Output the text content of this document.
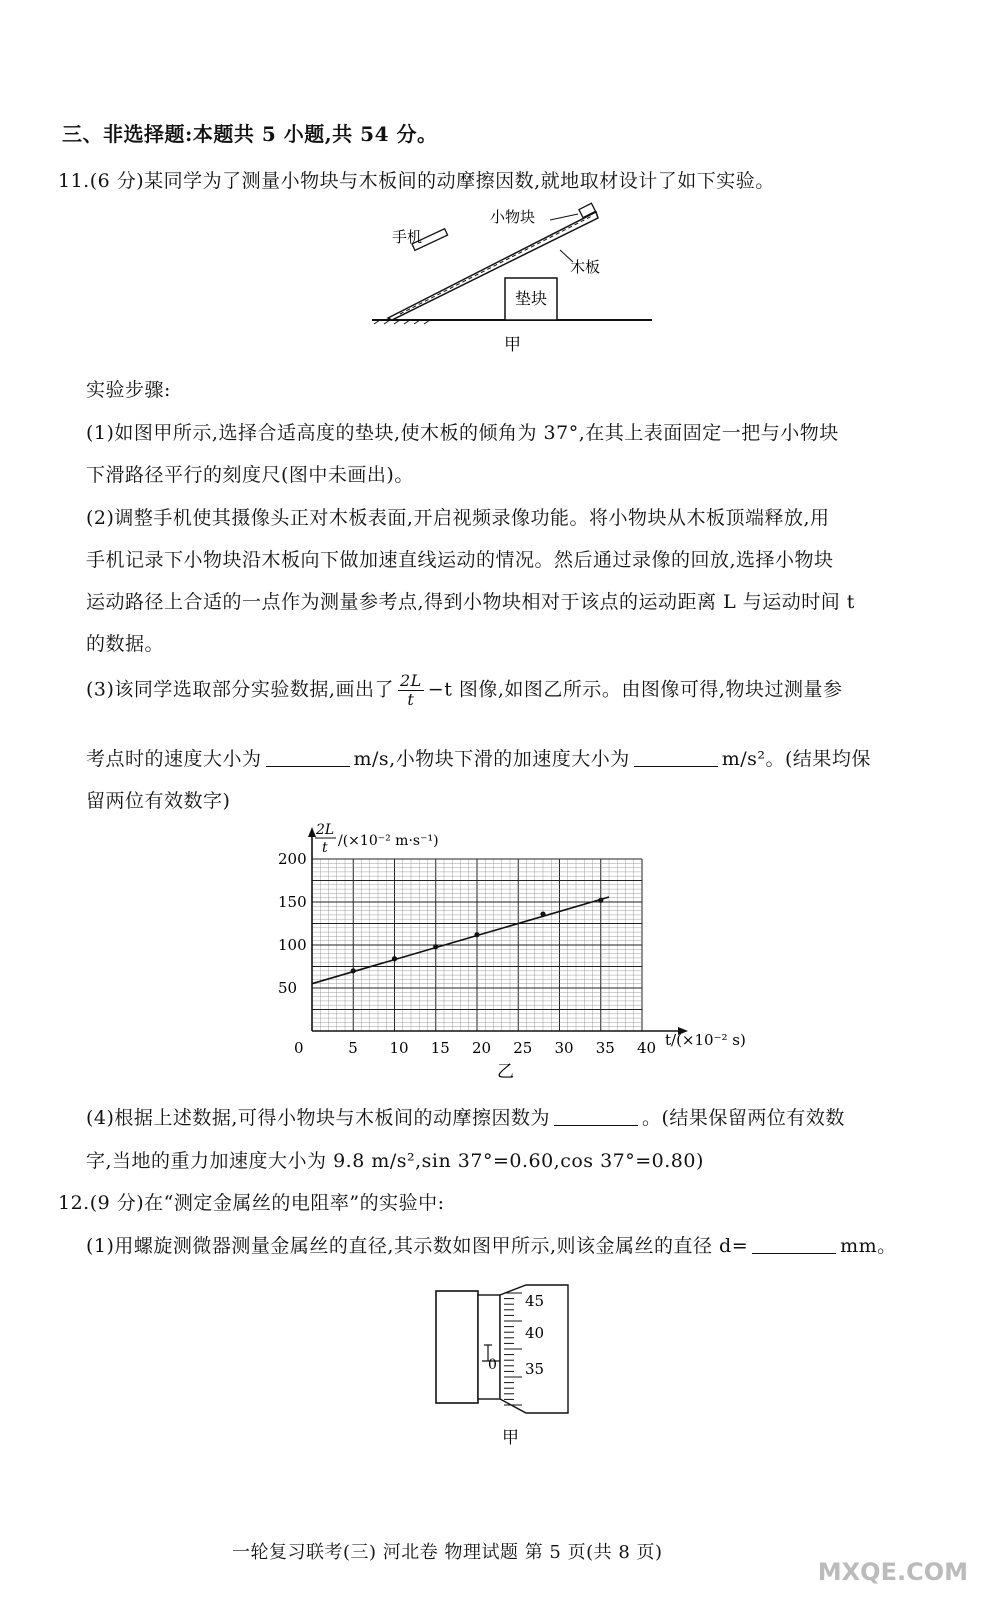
三、非选择题:本题共 5 小题,共 54 分。
11.(6 分)某同学为了测量小物块与木板间的动摩擦因数,就地取材设计了如下实验。
手机
小物块
木板
垫块
甲
实验步骤:
(1)如图甲所示,选择合适高度的垫块,使木板的倾角为 37°,在其上表面固定一把与小物块
下滑路径平行的刻度尺(图中未画出)。
(2)调整手机使其摄像头正对木板表面,开启视频录像功能。将小物块从木板顶端释放,用
手机记录下小物块沿木板向下做加速直线运动的情况。然后通过录像的回放,选择小物块
运动路径上合适的一点作为测量参考点,得到小物块相对于该点的运动距离 L 与运动时间 t
的数据。
(3)该同学选取部分实验数据,画出了 $\frac{2L}{t} -t$ 图像,如图乙所示。由图像可得,物块过测量参
考点时的速度大小为	m/s,小物块下滑的加速度大小为	m/s²。(结果均保
留两位有效数字)
5 10 15 20 25 30 35 40
50
100
150
200
0
2L
t /(×10⁻² m·s⁻¹)
t/(×10⁻² s)
乙
(4)根据上述数据,可得小物块与木板间的动摩擦因数为	。(结果保留两位有效数
字,当地的重力加速度大小为 9.8 m/s²,sin 37°=0.60,cos 37°=0.80)
12.(9 分)在“测定金属丝的电阻率”的实验中:
(1)用螺旋测微器测量金属丝的直径,其示数如图甲所示,则该金属丝的直径 d=	mm。
45
40
35
0
甲
一轮复习联考(三) 河北卷 物理试题 第 5 页(共 8 页)
MXQE.COM
